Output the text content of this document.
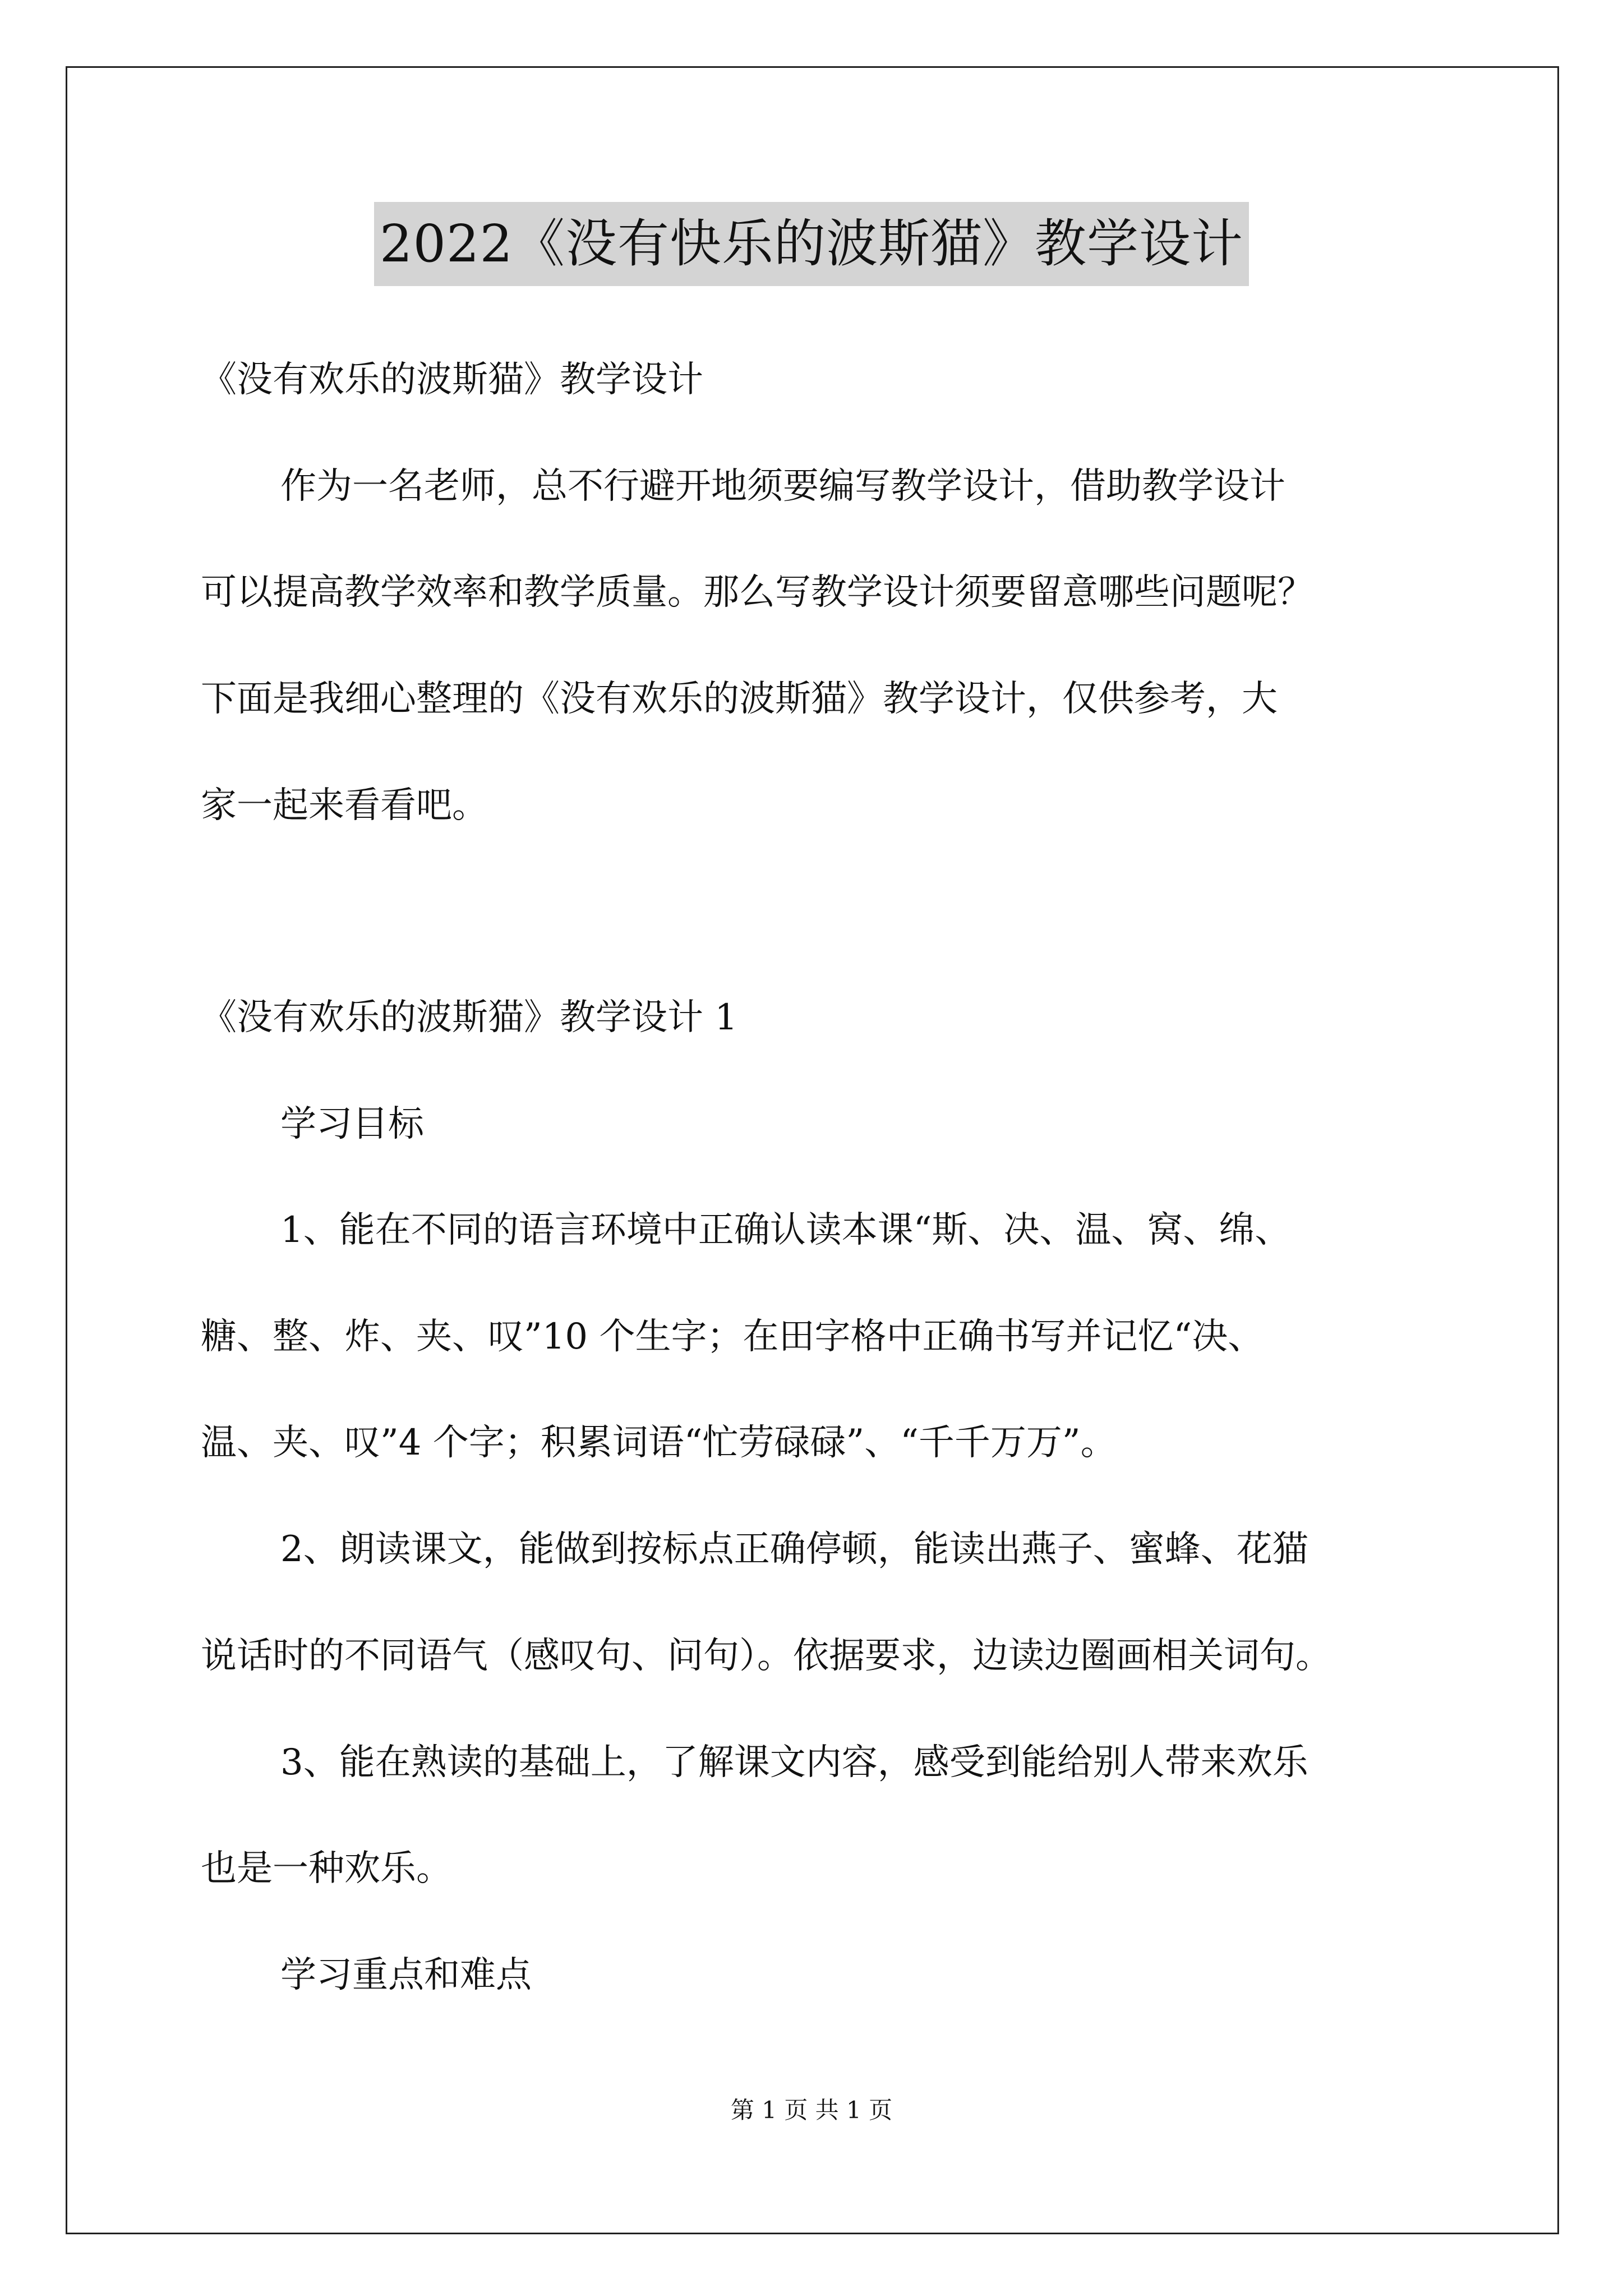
2022《没有快乐的波斯猫》教学设计
《没有欢乐的波斯猫》教学设计
作为一名老师，总不行避开地须要编写教学设计，借助教学设计
可以提高教学效率和教学质量。那么写教学设计须要留意哪些问题呢？
下面是我细心整理的《没有欢乐的波斯猫》教学设计，仅供参考，大
家一起来看看吧。
《没有欢乐的波斯猫》教学设计 1
学习目标
1、能在不同的语言环境中正确认读本课“斯、决、温、窝、绵、
糖、整、炸、夹、叹”10 个生字；在田字格中正确书写并记忆“决、
温、夹、叹”4 个字；积累词语“忙劳碌碌”、“千千万万”。
2、朗读课文，能做到按标点正确停顿，能读出燕子、蜜蜂、花猫
说话时的不同语气（感叹句、问句）。依据要求，边读边圈画相关词句。
3、能在熟读的基础上，了解课文内容，感受到能给别人带来欢乐
也是一种欢乐。
学习重点和难点
第 1 页 共 1 页
